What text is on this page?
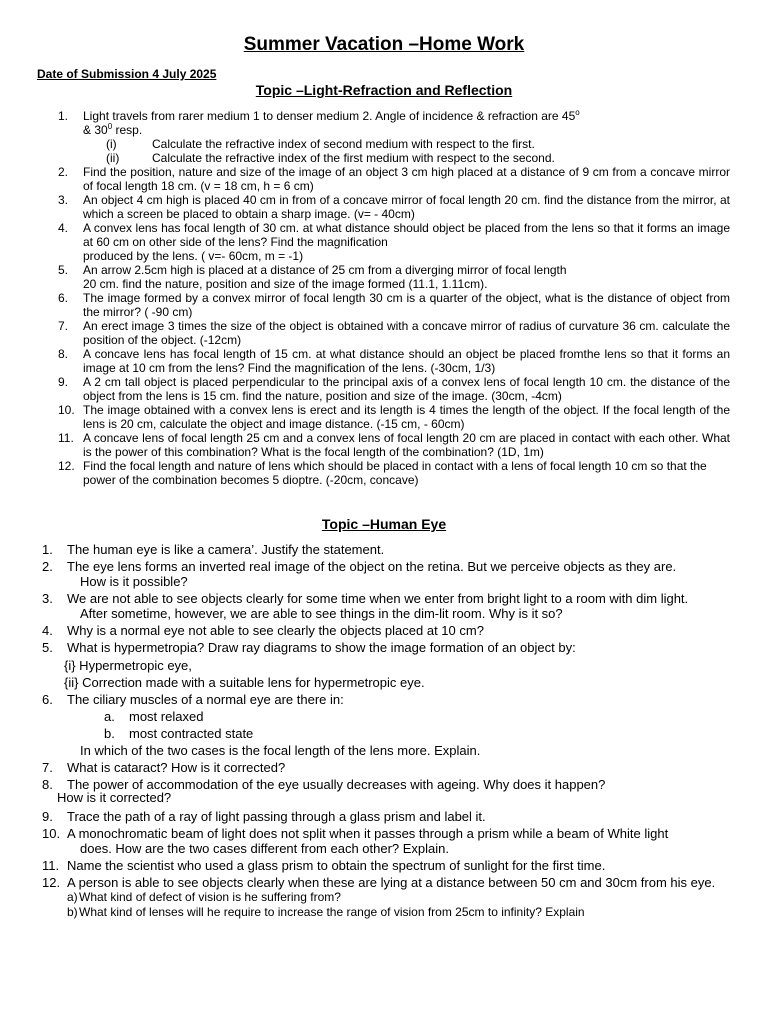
Summer Vacation –Home Work
Date of Submission 4 July 2025
Topic –Light-Refraction and Reflection
1.	Light travels from rarer medium 1 to denser medium 2. Angle of incidence & refraction are 45$^o$
& $30^0$ resp.
(i)	Calculate the refractive index of second medium with respect to the first.
(ii)	Calculate the refractive index of the first medium with respect to the second.
2.	Find the position, nature and size of the image of an object 3 cm high placed at a distance of 9 cm from a concave mirror of focal length 18 cm. (v = 18 cm, h = 6 cm)
3.	An object 4 cm high is placed 40 cm in from of a concave mirror of focal length 20 cm. find the distance from the mirror, at which a screen be placed to obtain a sharp image. (v= - 40cm)
4.	A convex lens has focal length of 30 cm. at what distance should object be placed from the lens so that it forms an image at 60 cm on other side of the lens? Find the magnification
produced by the lens. ( v=- 60cm, m = -1)
5.	An arrow 2.5cm high is placed at a distance of 25 cm from a diverging mirror of focal length
20 cm. find the nature, position and size of the image formed (11.1, 1.11cm).
6.	The image formed by a convex mirror of focal length 30 cm is a quarter of the object, what is the distance of object from the mirror? ( -90 cm)
7.	An erect image 3 times the size of the object is obtained with a concave mirror of radius of curvature 36 cm. calculate the position of the object. (-12cm)
8.	A concave lens has focal length of 15 cm. at what distance should an object be placed fromthe lens so that it forms an image at 10 cm from the lens? Find the magnification of the lens. (-30cm, 1/3)
9.	A 2 cm tall object is placed perpendicular to the principal axis of a convex lens of focal length 10 cm. the distance of the object from the lens is 15 cm. find the nature, position and size of the image. (30cm, -4cm)
10. The image obtained with a convex lens is erect and its length is 4 times the length of the object. If the focal length of the lens is 20 cm, calculate the object and image distance. (-15 cm, - 60cm)
11. A concave lens of focal length 25 cm and a convex lens of focal length 20 cm are placed in contact with each other. What is the power of this combination? What is the focal length of the combination? (1D, 1m)
12. Find the focal length and nature of lens which should be placed in contact with a lens of focal length 10 cm so that the power of the combination becomes 5 dioptre. (-20cm, concave)
Topic –Human Eye
1.	The human eye is like a camera’. Justify the statement.
2.	The eye lens forms an inverted real image of the object on the retina. But we perceive objects as they are.
How is it possible?
3.	We are not able to see objects clearly for some time when we enter from bright light to a room with dim light.
After sometime, however, we are able to see things in the dim-lit room. Why is it so?
4.	Why is a normal eye not able to see clearly the objects placed at 10 cm?
5.	What is hypermetropia? Draw ray diagrams to show the image formation of an object by:
{i} Hypermetropic eye,
{ii} Correction made with a suitable lens for hypermetropic eye.
6.	The ciliary muscles of a normal eye are there in:
a.	most relaxed
b.	most contracted state
In which of the two cases is the focal length of the lens more. Explain.
7.	What is cataract? How is it corrected?
8.	The power of accommodation of the eye usually decreases with ageing. Why does it happen?
How is it corrected?
9.	Trace the path of a ray of light passing through a glass prism and label it.
10. A monochromatic beam of light does not split when it passes through a prism while a beam of White light
does. How are the two cases different from each other? Explain.
11. Name the scientist who used a glass prism to obtain the spectrum of sunlight for the first time.
12. A person is able to see objects clearly when these are lying at a distance between 50 cm and 30cm from his eye.
a) What kind of defect of vision is he suffering from?
b) What kind of lenses will he require to increase the range of vision from 25cm to infinity? Explain
